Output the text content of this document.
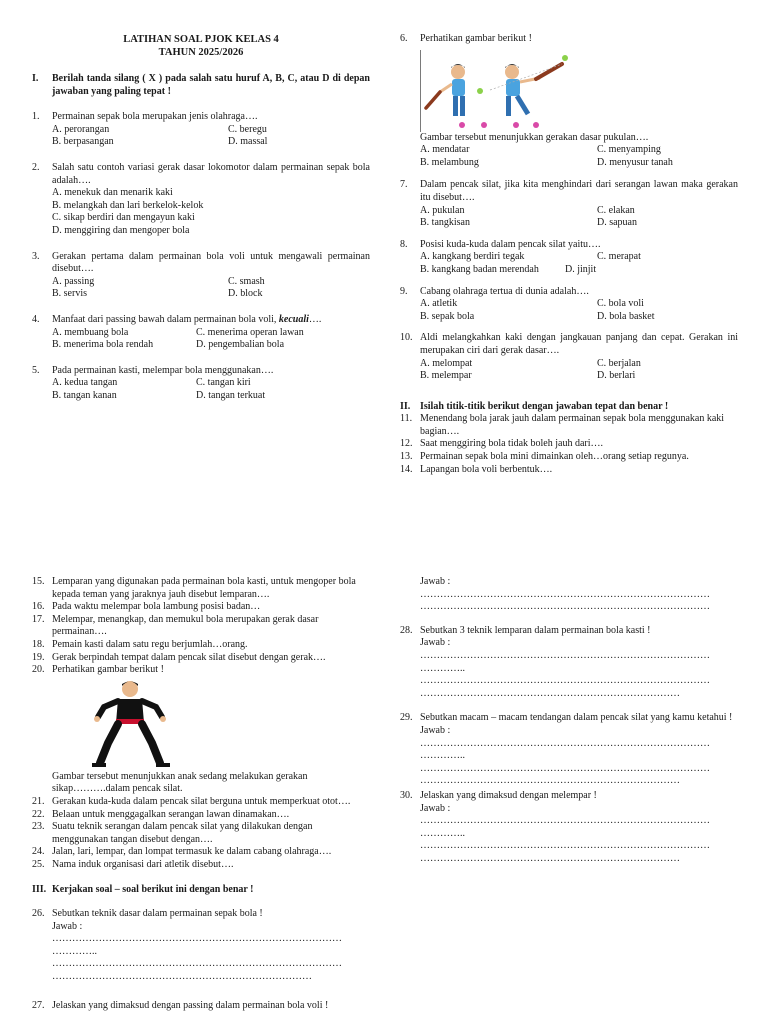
LATIHAN SOAL PJOK KELAS 4
TAHUN 2025/2026
I.	Berilah tanda silang ( X ) pada salah satu huruf A, B, C, atau D di depan jawaban yang paling tepat !
1.	Permainan sepak bola merupakan jenis olahraga….
A. perorangan	C. beregu
B. berpasangan	D. massal
2.	Salah satu contoh variasi gerak dasar lokomotor dalam permainan sepak bola adalah….
A. menekuk dan menarik kaki
B. melangkah dan lari berkelok-kelok
C. sikap berdiri dan mengayun kaki
D. menggiring dan mengoper bola
3.	Gerakan pertama dalam permainan bola voli untuk mengawali permainan disebut….
A. passing	C. smash
B. servis	D. block
4.	Manfaat dari passing bawah dalam permainan bola voli, kecuali….
A. membuang bola	C. menerima operan lawan
B. menerima bola rendah	D. pengembalian bola
5.	Pada permainan kasti, melempar bola menggunakan….
A. kedua tangan	C. tangan kiri
B. tangan kanan	D. tangan terkuat
6.	Perhatikan gambar berikut !
Gambar tersebut menunjukkan gerakan dasar pukulan….
A. mendatar	C. menyamping
B. melambung	D. menyusur tanah
7.	Dalam pencak silat, jika kita menghindari dari serangan lawan maka gerakan itu disebut….
A. pukulan	C. elakan
B. tangkisan	D. sapuan
8.	Posisi kuda-kuda dalam pencak silat yaitu….
A. kangkang berdiri tegak	C. merapat
B. kangkang badan merendah	D. jinjit
9.	Cabang olahraga tertua di dunia adalah….
A. atletik	C. bola voli
B. sepak bola	D. bola basket
10. Aldi melangkahkan kaki dengan jangkauan panjang dan cepat. Gerakan ini merupakan ciri dari gerak dasar….
A. melompat	C. berjalan
B. melempar	D. berlari
II. Isilah titik-titik berikut dengan jawaban tepat dan benar !
11. Menendang bola jarak jauh dalam permainan sepak bola menggunakan kaki bagian….
12. Saat menggiring bola tidak boleh jauh dari….
13. Permainan sepak bola mini dimainkan oleh…orang setiap regunya.
14. Lapangan bola voli berbentuk….
15. Lemparan yang digunakan pada permainan bola kasti, untuk mengoper bola kepada teman yang jaraknya jauh disebut lemparan….
16. Pada waktu melempar bola lambung posisi badan…
17. Melempar, menangkap, dan memukul bola merupakan gerak dasar permainan….
18. Pemain kasti dalam satu regu berjumlah…orang.
19. Gerak berpindah tempat dalam pencak silat disebut dengan gerak….
20. Perhatikan gambar berikut !
Gambar tersebut menunjukkan anak sedang melakukan gerakan sikap……….dalam pencak silat.
21. Gerakan kuda-kuda dalam pencak silat berguna untuk memperkuat otot….
22. Belaan untuk menggagalkan serangan lawan dinamakan….
23. Suatu teknik serangan dalam pencak silat yang dilakukan dengan menggunakan tangan disebut dengan….
24. Jalan, lari, lempar, dan lompat termasuk ke dalam cabang olahraga….
25. Nama induk organisasi dari atletik disebut….
III. Kerjakan soal – soal berikut ini dengan benar !
26. Sebutkan teknik dasar dalam permainan sepak bola !
Jawab :
……………………………………………………………………………
…………..
……………………………………………………………………………
……………………………………………………………………
27. Jelaskan yang dimaksud dengan passing dalam permainan bola voli !
Jawab :
……………………………………………………………………………
……………………………………………………………………………
28. Sebutkan 3 teknik lemparan dalam permainan bola kasti !
Jawab :
……………………………………………………………………………
…………..
……………………………………………………………………………
……………………………………………………………………
29. Sebutkan macam – macam tendangan dalam pencak silat yang kamu ketahui !
Jawab :
……………………………………………………………………………
…………..
……………………………………………………………………………
……………………………………………………………………
30. Jelaskan yang dimaksud dengan melempar !
Jawab :
……………………………………………………………………………
…………..
……………………………………………………………………………
……………………………………………………………………
